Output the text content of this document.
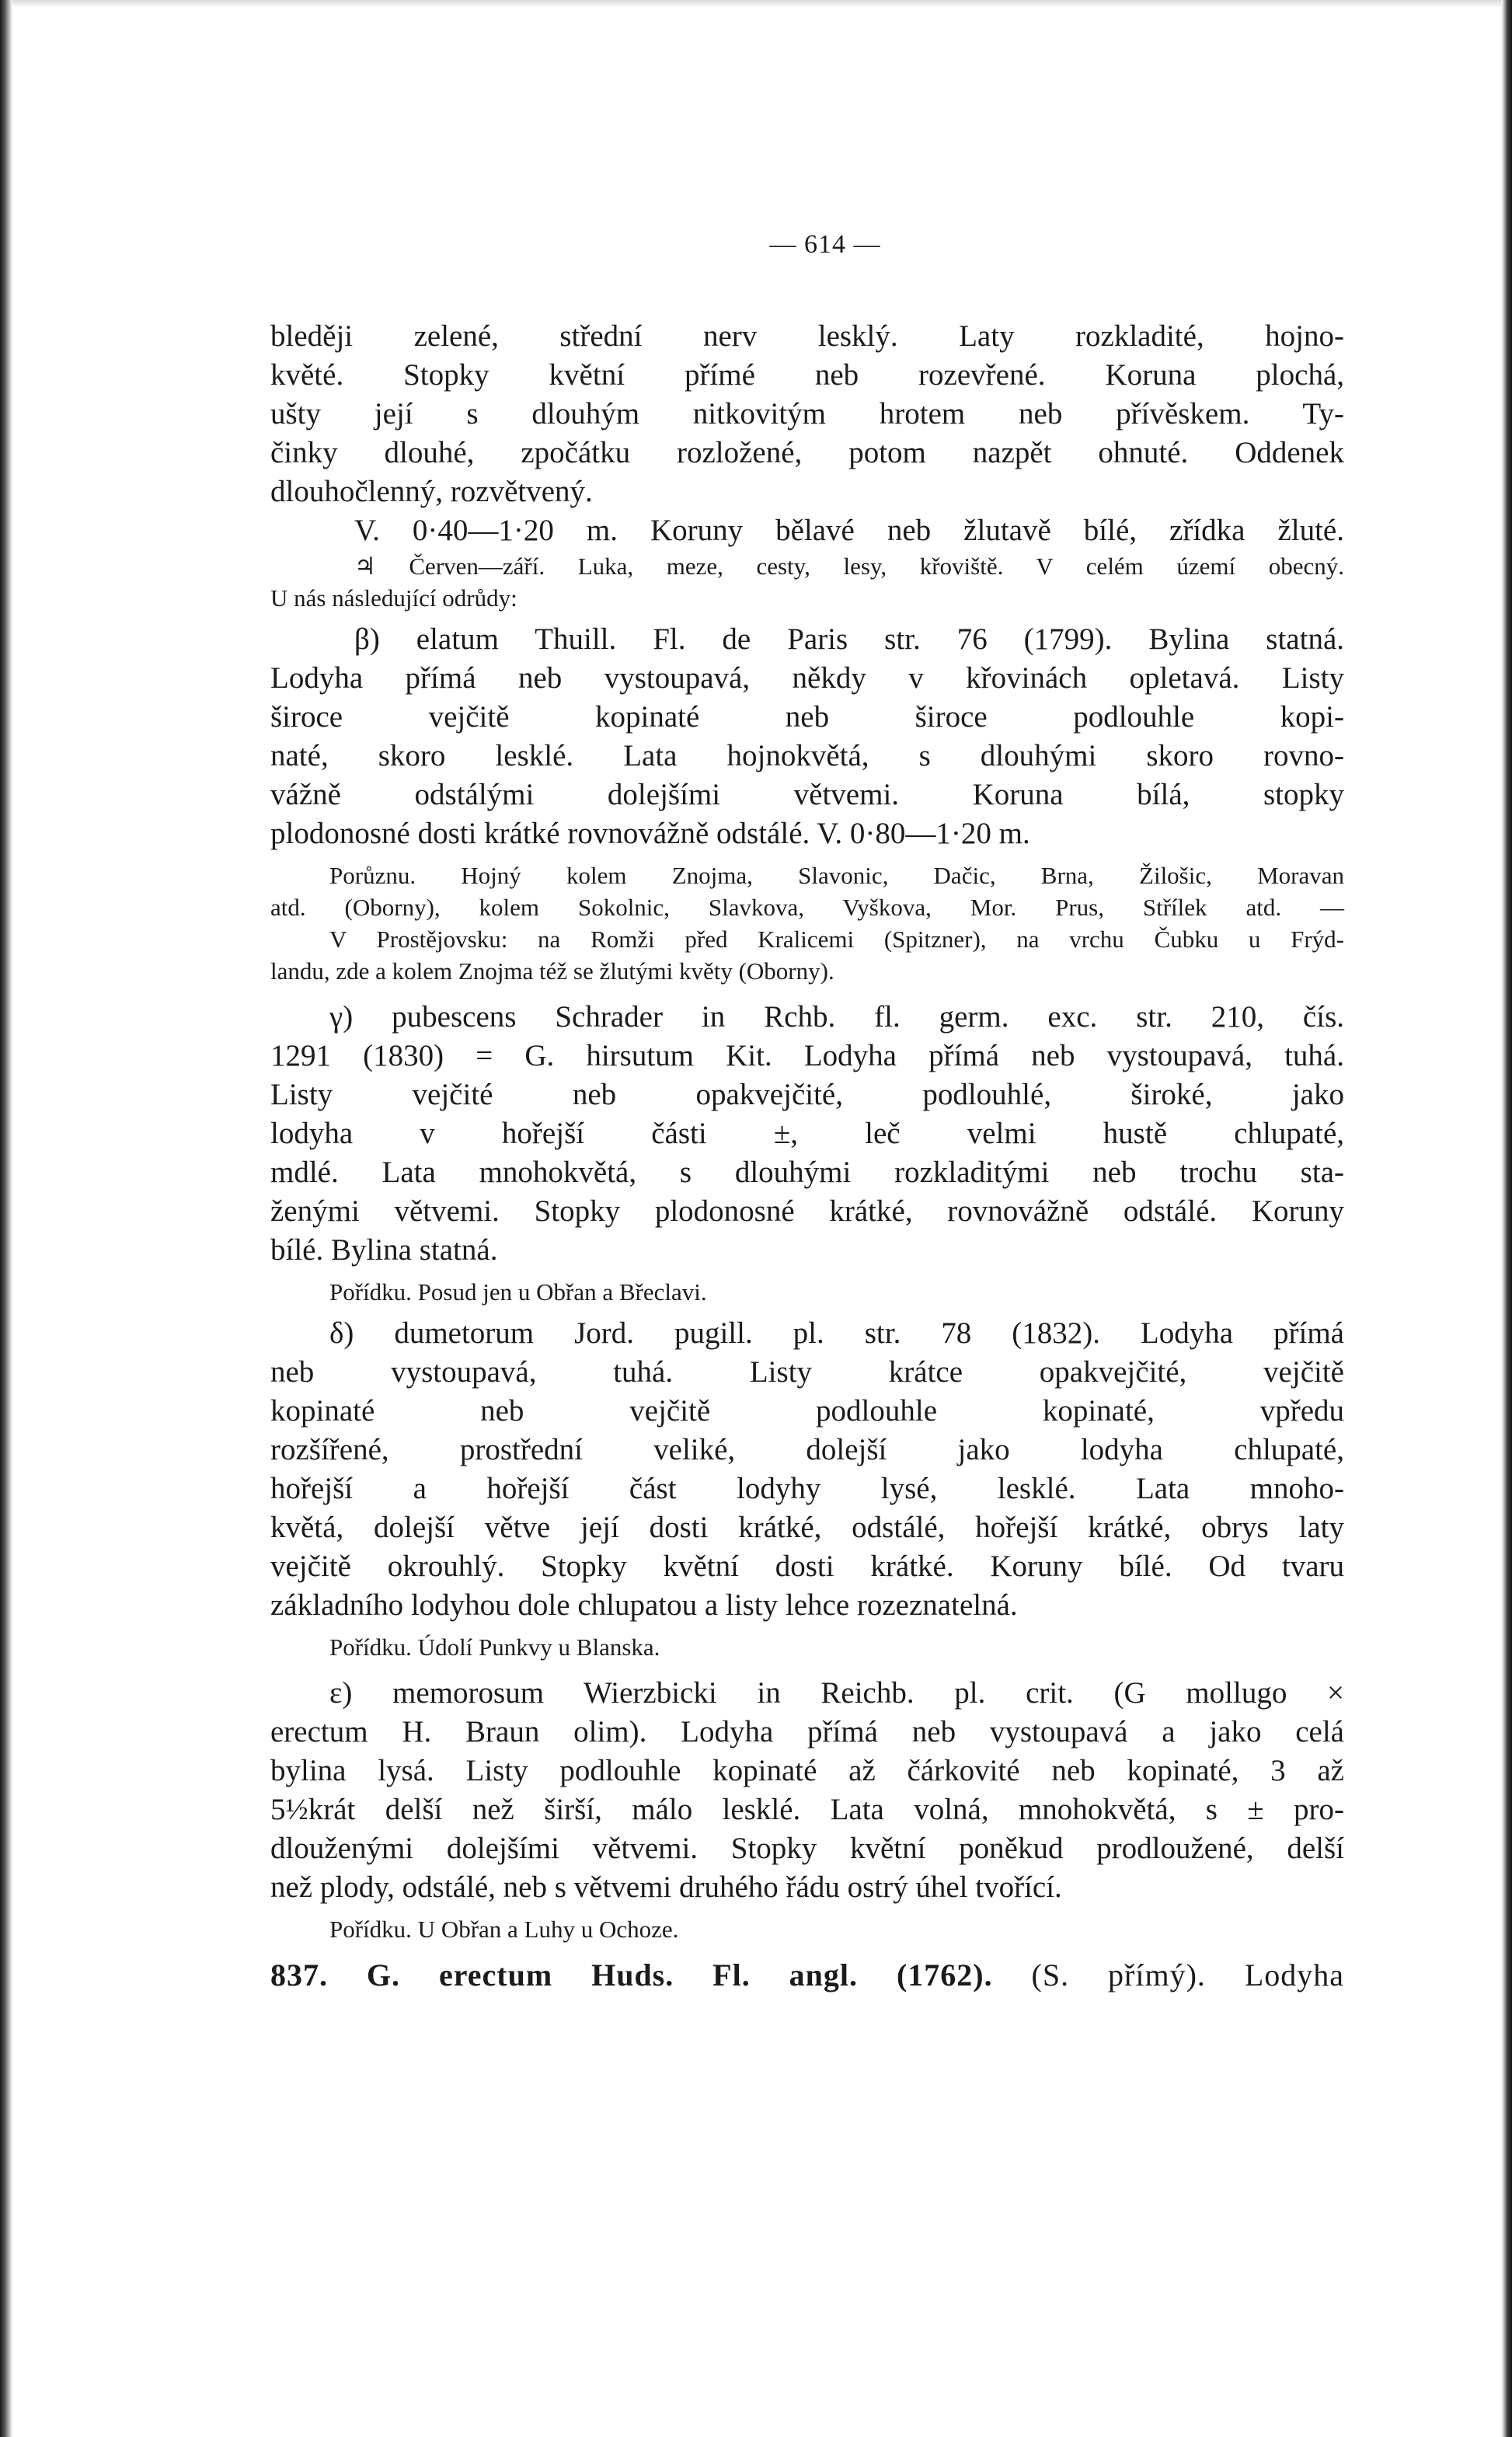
— 614 —
bleději zelené, střední nerv lesklý. Laty rozkladité, hojno-
květé. Stopky květní přímé neb rozevřené. Koruna plochá,
ušty její s dlouhým nitkovitým hrotem neb přívěskem. Ty-
činky dlouhé, zpočátku rozložené, potom nazpět ohnuté. Oddenek
dlouhočlenný, rozvětvený.
V. 0·40—1·20 m. Koruny bělavé neb žlutavě bílé, zřídka žluté.
♃ Červen—září. Luka, meze, cesty, lesy, křoviště. V celém území obecný.
U nás následující odrůdy:
β) elatum Thuill. Fl. de Paris str. 76 (1799). Bylina statná.
Lodyha přímá neb vystoupavá, někdy v křovinách opletavá. Listy
široce vejčitě kopinaté neb široce podlouhle kopi-
naté, skoro lesklé. Lata hojnokvětá, s dlouhými skoro rovno-
vážně odstálými dolejšími větvemi. Koruna bílá, stopky
plodonosné dosti krátké rovnovážně odstálé. V. 0·80—1·20 m.
Porůznu. Hojný kolem Znojma, Slavonic, Dačic, Brna, Žilošic, Moravan
atd. (Oborny), kolem Sokolnic, Slavkova, Vyškova, Mor. Prus, Střílek atd. —
V Prostějovsku: na Romži před Kralicemi (Spitzner), na vrchu Čubku u Frýd-
landu, zde a kolem Znojma též se žlutými květy (Oborny).
γ) pubescens Schrader in Rchb. fl. germ. exc. str. 210, čís.
1291 (1830) = G. hirsutum Kit. Lodyha přímá neb vystoupavá, tuhá.
Listy vejčité neb opakvejčité, podlouhlé, široké, jako
lodyha v hořejší části ±, leč velmi hustě chlupaté,
mdlé. Lata mnohokvětá, s dlouhými rozkladitými neb trochu sta-
ženými větvemi. Stopky plodonosné krátké, rovnovážně odstálé. Koruny
bílé. Bylina statná.
Pořídku. Posud jen u Obřan a Břeclavi.
δ) dumetorum Jord. pugill. pl. str. 78 (1832). Lodyha přímá
neb vystoupavá, tuhá. Listy krátce opakvejčité, vejčitě
kopinaté neb vejčitě podlouhle kopinaté, vpředu
rozšířené, prostřední veliké, dolejší jako lodyha chlupaté,
hořejší a hořejší část lodyhy lysé, lesklé. Lata mnoho-
květá, dolejší větve její dosti krátké, odstálé, hořejší krátké, obrys laty
vejčitě okrouhlý. Stopky květní dosti krátké. Koruny bílé. Od tvaru
základního lodyhou dole chlupatou a listy lehce rozeznatelná.
Pořídku. Údolí Punkvy u Blanska.
ε) memorosum Wierzbicki in Reichb. pl. crit. (G mollugo ×
erectum H. Braun olim). Lodyha přímá neb vystoupavá a jako celá
bylina lysá. Listy podlouhle kopinaté až čárkovité neb kopinaté, 3 až
5½krát delší než širší, málo lesklé. Lata volná, mnohokvětá, s ± pro-
dlouženými dolejšími větvemi. Stopky květní poněkud prodloužené, delší
než plody, odstálé, neb s větvemi druhého řádu ostrý úhel tvořící.
Pořídku. U Obřan a Luhy u Ochoze.
837. G. erectum Huds. Fl. angl. (1762). (S. přímý). Lodyha
